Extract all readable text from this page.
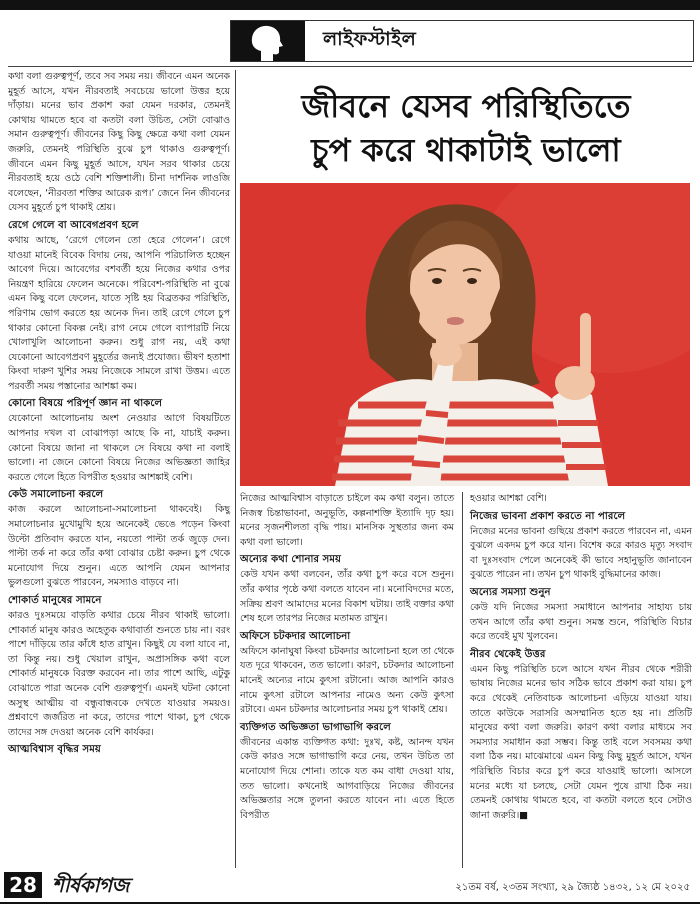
লাইফস্টাইল

কথা বলা গুরুত্বপূর্ণ, তবে সব সময় নয়। জীবনে এমন অনেক মুহূর্ত আসে, যখন নীরবতাই সবচেয়ে ভালো উত্তর হয়ে দাঁড়ায়। মনের ভাব প্রকাশ করা যেমন দরকার, তেমনই কোথায় থামতে হবে বা কতটা বলা উচিত, সেটা বোঝাও সমান গুরুত্বপূর্ণ। জীবনের কিছু কিছু ক্ষেত্রে কথা বলা যেমন জরুরি, তেমনই পরিস্থিতি বুঝে চুপ থাকাও গুরুত্বপূর্ণ। জীবনে এমন কিছু মুহূর্ত আসে, যখন সরব থাকার চেয়ে নীরবতাই হয়ে ওঠে বেশি শক্তিশালী। চীনা দার্শনিক লাওজি বলেছেন, ‘নীরবতা শক্তির আরেক রূপ।’ জেনে নিন জীবনের যেসব মুহূর্তে চুপ থাকাই শ্রেয়।

রেগে গেলে বা আবেগপ্রবণ হলে

কথায় আছে, ‘রেগে গেলেন তো হেরে গেলেন’। রেগে যাওয়া মানেই বিবেক বিদায় নেয়, আপনি পরিচালিত হচ্ছেন আবেগ দিয়ে। আবেগের বশবর্তী হয়ে নিজের কথার ওপর নিয়ন্ত্রণ হারিয়ে ফেলেন অনেকে। পরিবেশ-পরিস্থিতি না বুঝে এমন কিছু বলে ফেলেন, যাতে সৃষ্টি হয় বিব্রতকর পরিস্থিতি, পরিণাম ভোগ করতে হয় অনেক দিন। তাই রেগে গেলে চুপ থাকার কোনো বিকল্প নেই। রাগ নেমে গেলে ব্যাপারটি নিয়ে খোলাখুলি আলোচনা করুন। শুধু রাগ নয়, এই কথা যেকোনো আবেগপ্রবণ মুহূর্তের জন্যই প্রযোজ্য। ভীষণ হতাশা কিংবা দারুণ খুশির সময় নিজেকে সামলে রাখা উত্তম। এতে পরবর্তী সময় পস্তানোর আশঙ্কা কম।

কোনো বিষয়ে পরিপূর্ণ জ্ঞান না থাকলে

যেকোনো আলোচনায় অংশ নেওয়ার আগে বিষয়টিতে আপনার দখল বা বোঝাপড়া আছে কি না, যাচাই করুন। কোনো বিষয়ে জানা না থাকলে সে বিষয়ে কথা না বলাই ভালো। না জেনে কোনো বিষয়ে নিজের অভিজ্ঞতা জাহির করতে গেলে হিতে বিপরীত হওয়ার আশঙ্কাই বেশি।

কেউ সমালোচনা করলে

কাজ করলে আলোচনা-সমালোচনা থাকবেই। কিছু সমালোচনার মুখোমুখি হয়ে অনেকেই ভেঙে পড়েন কিংবা উল্টো প্রতিবাদ করতে যান, নয়তো পাল্টা তর্ক জুড়ে দেন। পাল্টা তর্ক না করে তাঁর কথা বোঝার চেষ্টা করুন। চুপ থেকে মনোযোগ দিয়ে শুনুন। এতে আপনি যেমন আপনার ভুলগুলো বুঝতে পারবেন, সমস্যাও বাড়বে না।

শোকার্ত মানুষের সামনে

কারও দুঃসময়ে বাড়তি কথার চেয়ে নীরব থাকাই ভালো। শোকার্ত মানুষ কারও অহেতুক কথাবার্তা শুনতে চায় না। বরং পাশে দাঁড়িয়ে তার কাঁধে হাত রাখুন। কিছুই যে বলা যাবে না, তা কিন্তু নয়। শুধু খেয়াল রাখুন, অপ্রাসঙ্গিক কথা বলে শোকার্ত মানুষকে বিরক্ত করবেন না। তার পাশে আছি, এটুকু বোঝাতে পারা অনেক বেশি গুরুত্বপূর্ণ। এমনই ঘটনা কোনো অসুস্থ আত্মীয় বা বন্ধুবান্ধবকে দেখতে যাওয়ার সময়ও। প্রশ্নবাণে জর্জরিত না করে, তাদের পাশে থাকা, চুপ থেকে তাদের সঙ্গ দেওয়া অনেক বেশি কার্যকর।

আত্মবিশ্বাস বৃদ্ধির সময়
জীবনে যেসব পরিস্থিতিতে
চুপ করে থাকাটাই ভালো

নিজের আত্মবিশ্বাস বাড়াতে চাইলে কম কথা বলুন। তাতে নিজস্ব চিন্তাভাবনা, অনুভূতি, কল্পনাশক্তি ইত্যাদি দৃঢ় হয়। মনের সৃজনশীলতা বৃদ্ধি পায়। মানসিক সুস্থতার জন্য কম কথা বলা ভালো।

অন্যের কথা শোনার সময়

কেউ যখন কথা বলবেন, তাঁর কথা চুপ করে বসে শুনুন। তাঁর কথার পৃষ্ঠে কথা বলতে যাবেন না। মনোবিদদের মতে, সক্রিয় শ্রবণ আমাদের মনের বিকাশ ঘটায়। তাই বক্তার কথা শেষ হলে তারপর নিজের মতামত রাখুন।

অফিসে চটকদার আলোচনা

অফিসে কানাঘুষা কিংবা চটকদার আলোচনা হলে তা থেকে যত দূরে থাকবেন, তত ভালো। কারণ, চটকদার আলোচনা মানেই অন্যের নামে কুৎসা রটানো। আজ আপনি কারও নামে কুৎসা রটালে আপনার নামেও অন্য কেউ কুৎসা রটাবে। এমন চটকদার আলোচনার সময় চুপ থাকাই শ্রেয়।

ব্যক্তিগত অভিজ্ঞতা ভাগাভাগি করলে

জীবনের একান্ত ব্যক্তিগত কথা: দুঃখ, কষ্ট, আনন্দ যখন কেউ কারও সঙ্গে ভাগাভাগি করে নেয়, তখন উচিত তা মনোযোগ দিয়ে শোনা। তাকে যত কম বাধা দেওয়া যায়, তত ভালো। কখনোই আগবাড়িয়ে নিজের জীবনের অভিজ্ঞতার সঙ্গে তুলনা করতে যাবেন না। এতে হিতে বিপরীত

হওয়ার আশঙ্কা বেশি।

নিজের ভাবনা প্রকাশ করতে না পারলে

নিজের মনের ভাবনা গুছিয়ে প্রকাশ করতে পারবেন না, এমন বুঝলে একদম চুপ করে যান। বিশেষ করে কারও মৃত্যু সংবাদ বা দুঃসংবাদ পেলে অনেকেই কী ভাবে সহানুভূতি জানাবেন বুঝতে পারেন না। তখন চুপ থাকাই বুদ্ধিমানের কাজ।

অন্যের সমস্যা শুনুন

কেউ যদি নিজের সমস্যা সমাধানে আপনার সাহায্য চায় তখন আগে তাঁর কথা শুনুন। সমস্ত শুনে, পরিস্থিতি বিচার করে তবেই মুখ খুলবেন।

নীরব থেকেই উত্তর

এমন কিছু পরিস্থিতি চলে আসে যখন নীরব থেকে শরীরী ভাষায় নিজের মনের ভাব সঠিক ভাবে প্রকাশ করা যায়। চুপ করে থেকেই নেতিবাচক আলোচনা এড়িয়ে যাওয়া যায়। তাতে কাউকে সরাসরি অসম্মানিত হতে হয় না। প্রতিটি মানুষের কথা বলা জরুরি। কারণ কথা বলার মাধ্যমে সব সমস্যার সমাধান করা সম্ভব। কিন্তু তাই বলে সবসময় কথা বলা ঠিক নয়। মাঝেমাঝে এমন কিছু কিছু মুহূর্ত আসে, যখন পরিস্থিতি বিচার করে চুপ করে যাওয়াই ভালো। আসলে মনের মধ্যে যা চলছে, সেটা যেমন পুষে রাখা ঠিক নয়। তেমনই কোথায় থামতে হবে, বা কতটা বলতে হবে সেটাও জানা জরুরি।■

28 শীর্ষকাগজ	২১তম বর্ষ, ২৩তম সংখ্যা, ২৯ জ্যৈষ্ঠ ১৪৩২, ১২ মে ২০২৫
